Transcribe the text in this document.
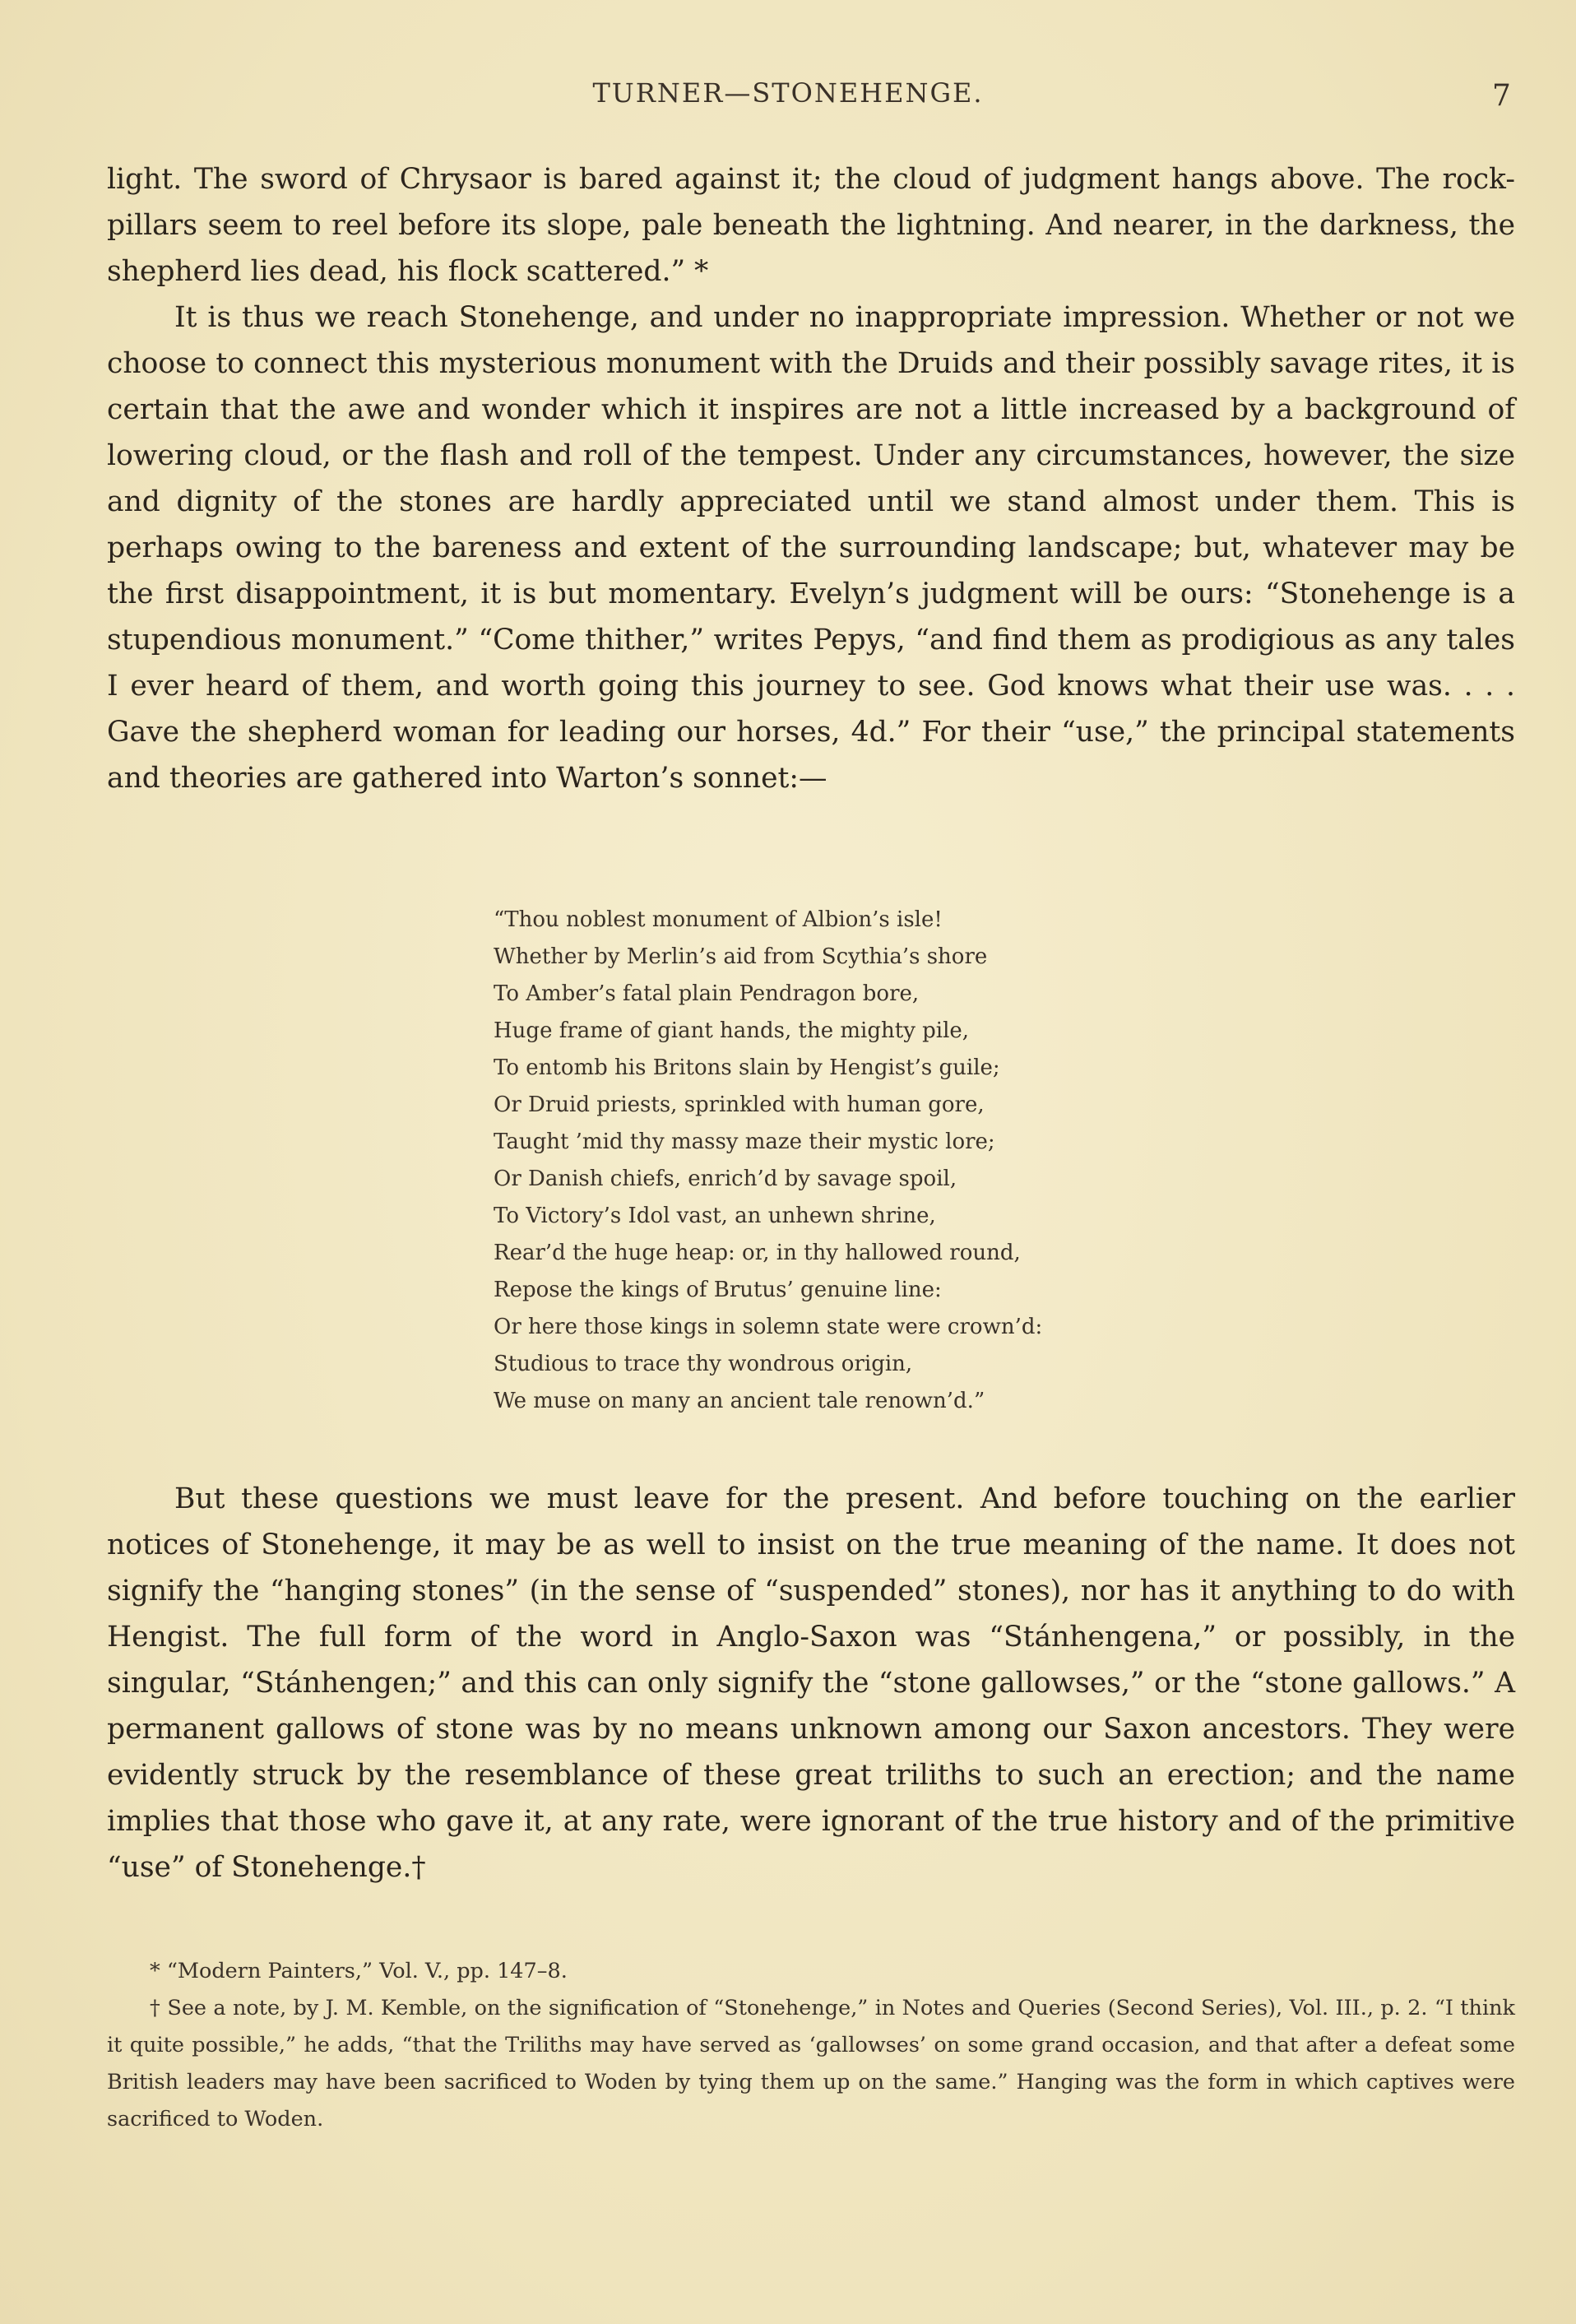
TURNER—STONEHENGE.	7

light. The sword of Chrysaor is bared against it; the cloud of judgment hangs above. The rock-pillars seem to reel before its slope, pale beneath the lightning. And nearer, in the darkness, the shepherd lies dead, his flock scattered.” *

It is thus we reach Stonehenge, and under no inappropriate impression. Whether or not we choose to connect this mysterious monument with the Druids and their possibly savage rites, it is certain that the awe and wonder which it inspires are not a little increased by a background of lowering cloud, or the flash and roll of the tempest. Under any circumstances, however, the size and dignity of the stones are hardly appreciated until we stand almost under them. This is perhaps owing to the bareness and extent of the surrounding landscape; but, whatever may be the first disappointment, it is but momentary. Evelyn’s judgment will be ours: “Stonehenge is a stupendious monument.” “Come thither,” writes Pepys, “and find them as prodigious as any tales I ever heard of them, and worth going this journey to see. God knows what their use was. . . . Gave the shepherd woman for leading our horses, 4d.” For their “use,” the principal statements and theories are gathered into Warton’s sonnet:—

“Thou noblest monument of Albion’s isle!
Whether by Merlin’s aid from Scythia’s shore
To Amber’s fatal plain Pendragon bore,
Huge frame of giant hands, the mighty pile,
To entomb his Britons slain by Hengist’s guile;
Or Druid priests, sprinkled with human gore,
Taught ’mid thy massy maze their mystic lore;
Or Danish chiefs, enrich’d by savage spoil,
To Victory’s Idol vast, an unhewn shrine,
Rear’d the huge heap: or, in thy hallowed round,
Repose the kings of Brutus’ genuine line:
Or here those kings in solemn state were crown’d:
Studious to trace thy wondrous origin,
We muse on many an ancient tale renown’d.”

But these questions we must leave for the present. And before touching on the earlier notices of Stonehenge, it may be as well to insist on the true meaning of the name. It does not signify the “hanging stones” (in the sense of “suspended” stones), nor has it anything to do with Hengist. The full form of the word in Anglo-Saxon was “Stánhengena,” or possibly, in the singular, “Stánhengen;” and this can only signify the “stone gallowses,” or the “stone gallows.” A permanent gallows of stone was by no means unknown among our Saxon ancestors. They were evidently struck by the resemblance of these great triliths to such an erection; and the name implies that those who gave it, at any rate, were ignorant of the true history and of the primitive “use” of Stonehenge.†

* “Modern Painters,” Vol. V., pp. 147–8.

† See a note, by J. M. Kemble, on the signification of “Stonehenge,” in Notes and Queries (Second Series), Vol. III., p. 2. “I think it quite possible,” he adds, “that the Triliths may have served as ‘gallowses’ on some grand occasion, and that after a defeat some British leaders may have been sacrificed to Woden by tying them up on the same.” Hanging was the form in which captives were sacrificed to Woden.
